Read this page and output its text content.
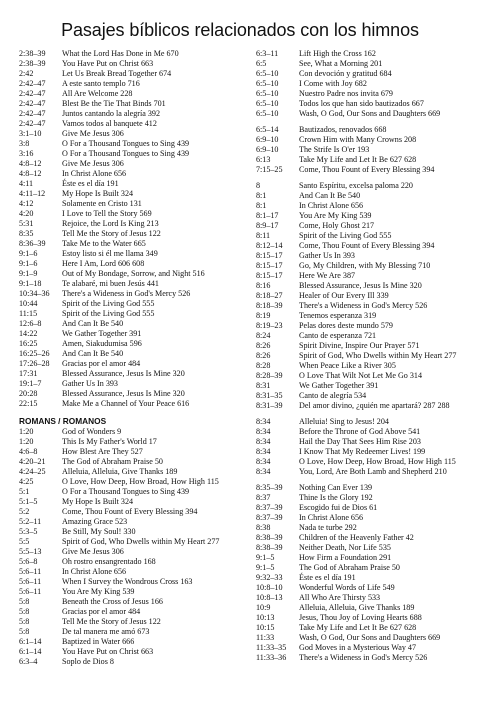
Pasajes bíblicos relacionados con los himnos
2:38–39	What the Lord Has Done in Me 670
2:38–39	You Have Put on Christ 663
2:42	Let Us Break Bread Together 674
2:42–47	A este santo templo 716
2:42–47	All Are Welcome 228
2:42–47	Blest Be the Tie That Binds 701
2:42–47	Juntos cantando la alegría 392
2:42–47	Vamos todos al banquete 412
3:1–10	Give Me Jesus 306
3:8	O For a Thousand Tongues to Sing 439
3:16	O For a Thousand Tongues to Sing 439
4:8–12	Give Me Jesus 306
4:8–12	In Christ Alone 656
4:11	Éste es el día 191
4:11–12	My Hope Is Built 324
4:12	Solamente en Cristo 131
4:20	I Love to Tell the Story 569
5:31	Rejoice, the Lord Is King 213
8:35	Tell Me the Story of Jesus 122
8:36–39	Take Me to the Water 665
9:1–6	Estoy listo si él me llama 349
9:1–6	Here I Am, Lord 606 608
9:1–9	Out of My Bondage, Sorrow, and Night 516
9:1–18	Te alabaré, mi buen Jesús 441
10:34–36	There's a Wideness in God's Mercy 526
10:44	Spirit of the Living God 555
11:15	Spirit of the Living God 555
12:6–8	And Can It Be 540
14:22	We Gather Together 391
16:25	Amen, Siakudumisa 596
16:25–26	And Can It Be 540
17:26–28	Gracias por el amor 484
17:31	Blessed Assurance, Jesus Is Mine 320
19:1–7	Gather Us In 393
20:28	Blessed Assurance, Jesus Is Mine 320
22:15	Make Me a Channel of Your Peace 616
ROMANS / ROMANOS
1:20	God of Wonders 9
1:20	This Is My Father's World 17
4:6–8	How Blest Are They 527
4:20–21	The God of Abraham Praise 50
4:24–25	Alleluia, Alleluia, Give Thanks 189
4:25	O Love, How Deep, How Broad, How High 115
5:1	O For a Thousand Tongues to Sing 439
5:1–5	My Hope Is Built 324
5:2	Come, Thou Fount of Every Blessing 394
5:2–11	Amazing Grace 523
5:3–5	Be Still, My Soul! 330
5:5	Spirit of God, Who Dwells within My Heart 277
5:5–13	Give Me Jesus 306
5:6–8	Oh rostro ensangrentado 168
5:6–11	In Christ Alone 656
5:6–11	When I Survey the Wondrous Cross 163
5:6–11	You Are My King 539
5:8	Beneath the Cross of Jesus 166
5:8	Gracias por el amor 484
5:8	Tell Me the Story of Jesus 122
5:8	De tal manera me amó 673
6:1–14	Baptized in Water 666
6:1–14	You Have Put on Christ 663
6:3–4	Soplo de Dios 8
6:3–11	Lift High the Cross 162
6:5	See, What a Morning 201
6:5–10	Con devoción y gratitud 684
6:5–10	I Come with Joy 682
6:5–10	Nuestro Padre nos invita 679
6:5–10	Todos los que han sido bautizados 667
6:5–10	Wash, O God, Our Sons and Daughters 669
6:5–14	Bautizados, renovados 668
6:9–10	Crown Him with Many Crowns 208
6:9–10	The Strife Is O'er 193
6:13	Take My Life and Let It Be 627 628
7:15–25	Come, Thou Fount of Every Blessing 394
8	Santo Espíritu, excelsa paloma 220
8:1	And Can It Be 540
8:1	In Christ Alone 656
8:1–17	You Are My King 539
8:9–17	Come, Holy Ghost 217
8:11	Spirit of the Living God 555
8:12–14	Come, Thou Fount of Every Blessing 394
8:15–17	Gather Us In 393
8:15–17	Go, My Children, with My Blessing 710
8:15–17	Here We Are 387
8:16	Blessed Assurance, Jesus Is Mine 320
8:18–27	Healer of Our Every Ill 339
8:18–39	There's a Wideness in God's Mercy 526
8:19	Tenemos esperanza 319
8:19–23	Pelas dores deste mundo 579
8:24	Canto de esperanza 721
8:26	Spirit Divine, Inspire Our Prayer 571
8:26	Spirit of God, Who Dwells within My Heart 277
8:28	When Peace Like a River 305
8:28–39	O Love That Wilt Not Let Me Go 314
8:31	We Gather Together 391
8:31–35	Canto de alegría 534
8:31–39	Del amor divino, ¿quién me apartará? 287 288
8:34	Alleluia! Sing to Jesus! 204
8:34	Before the Throne of God Above 541
8:34	Hail the Day That Sees Him Rise 203
8:34	I Know That My Redeemer Lives! 199
8:34	O Love, How Deep, How Broad, How High 115
8:34	You, Lord, Are Both Lamb and Shepherd 210
8:35–39	Nothing Can Ever 139
8:37	Thine Is the Glory 192
8:37–39	Escogido fui de Dios 61
8:37–39	In Christ Alone 656
8:38	Nada te turbe 292
8:38–39	Children of the Heavenly Father 42
8:38–39	Neither Death, Nor Life 535
9:1–5	How Firm a Foundation 291
9:1–5	The God of Abraham Praise 50
9:32–33	Éste es el día 191
10:8–10	Wonderful Words of Life 549
10:8–13	All Who Are Thirsty 533
10:9	Alleluia, Alleluia, Give Thanks 189
10:13	Jesus, Thou Joy of Loving Hearts 688
10:15	Take My Life and Let It Be 627 628
11:33	Wash, O God, Our Sons and Daughters 669
11:33–35	God Moves in a Mysterious Way 47
11:33–36	There's a Wideness in God's Mercy 526
